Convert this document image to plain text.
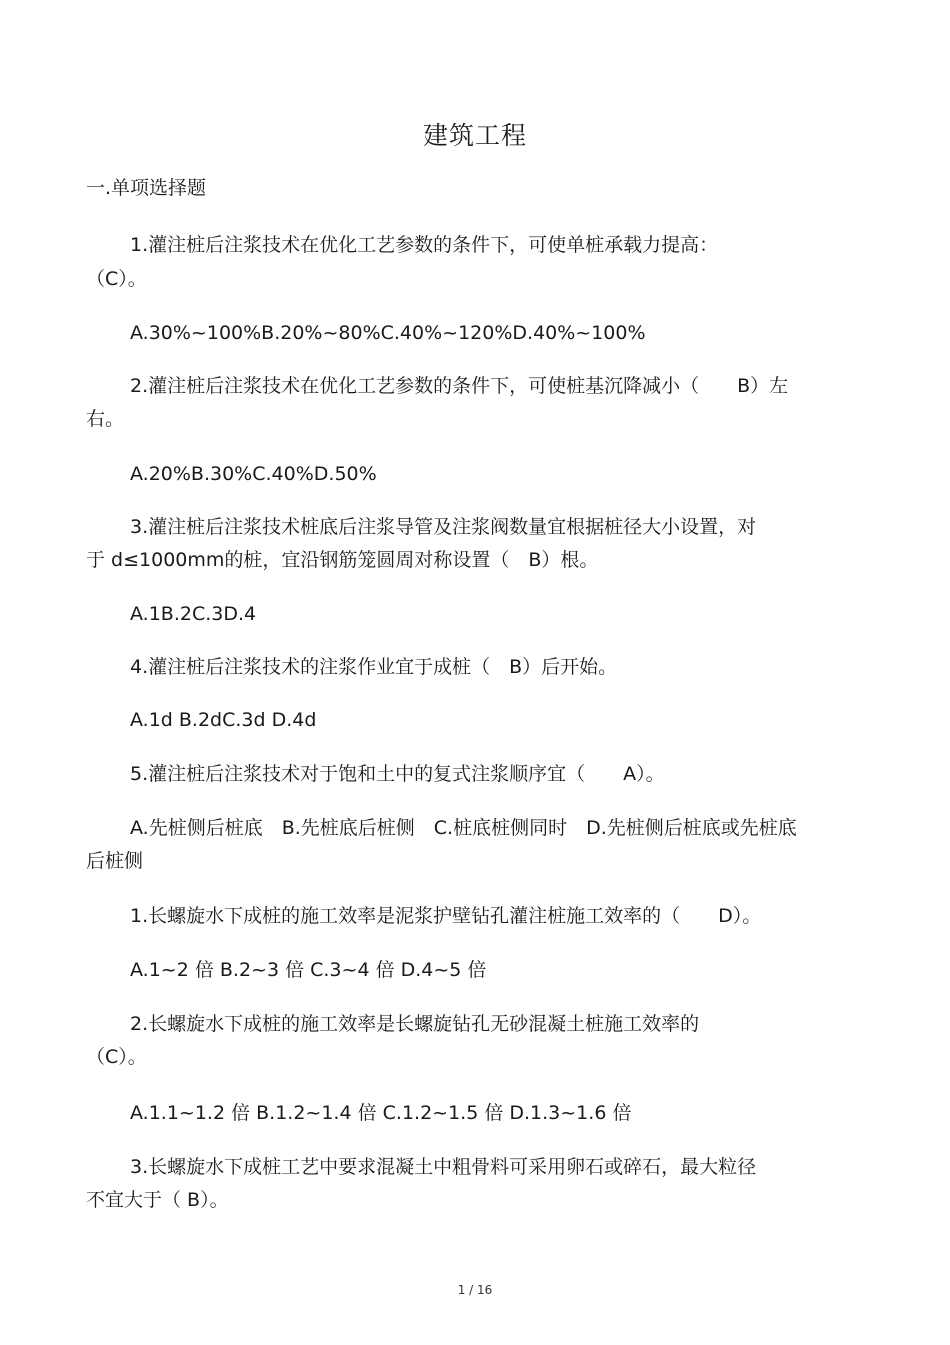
建筑工程
一.单项选择题
1.灌注桩后注浆技术在优化工艺参数的条件下，可使单桩承载力提高：
（C）。
A.30%~100%B.20%~80%C.40%~120%D.40%~100%
2.灌注桩后注浆技术在优化工艺参数的条件下，可使桩基沉降减小（　　B）左
右。
A.20%B.30%C.40%D.50%
3.灌注桩后注浆技术桩底后注浆导管及注浆阀数量宜根据桩径大小设置，对
于 d≤1000mm的桩，宜沿钢筋笼圆周对称设置（　B）根。
A.1B.2C.3D.4
4.灌注桩后注浆技术的注浆作业宜于成桩（　B）后开始。
A.1d B.2dC.3d D.4d
5.灌注桩后注浆技术对于饱和土中的复式注浆顺序宜（　　A）。
A.先桩侧后桩底　B.先桩底后桩侧　C.桩底桩侧同时　D.先桩侧后桩底或先桩底
后桩侧
1.长螺旋水下成桩的施工效率是泥浆护壁钻孔灌注桩施工效率的（　　D）。
A.1~2 倍 B.2~3 倍 C.3~4 倍 D.4~5 倍
2.长螺旋水下成桩的施工效率是长螺旋钻孔无砂混凝土桩施工效率的
（C）。
A.1.1~1.2 倍 B.1.2~1.4 倍 C.1.2~1.5 倍 D.1.3~1.6 倍
3.长螺旋水下成桩工艺中要求混凝土中粗骨料可采用卵石或碎石，最大粒径
不宜大于（ B）。
1 / 16
